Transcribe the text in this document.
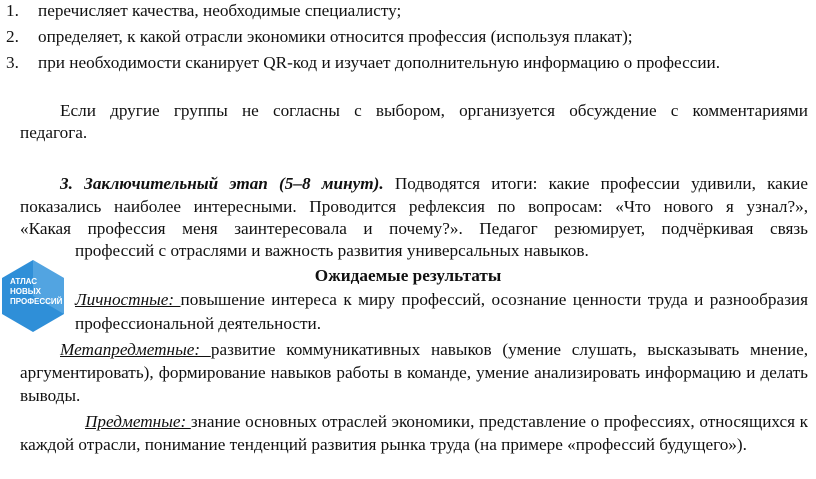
1. перечисляет качества, необходимые специалисту;
2. определяет, к какой отрасли экономики относится профессия (используя плакат);
3. при необходимости сканирует QR-код и изучает дополнительную информацию о профессии.
Если другие группы не согласны с выбором, организуется обсуждение с комментариями
педагога.
3. Заключительный этап (5–8 минут). Подводятся итоги: какие профессии удивили, какие
показались наиболее интересными. Проводится рефлексия по вопросам: «Что нового я узнал?»,
«Какая профессия меня заинтересовала и почему?». Педагог резюмирует, подчёркивая связь
профессий с отраслями и важность развития универсальных навыков.
Ожидаемые результаты
Личностные: повышение интереса к миру профессий, осознание ценности труда и разнообразия
профессиональной деятельности.
Метапредметные: развитие коммуникативных навыков (умение слушать, высказывать мнение,
аргументировать), формирование навыков работы в команде, умение анализировать информацию и делать
выводы.
Предметные: знание основных отраслей экономики, представление о профессиях, относящихся к
каждой отрасли, понимание тенденций развития рынка труда (на примере «профессий будущего»).
АТЛАС
НОВЫХ
ПРОФЕССИЙ
